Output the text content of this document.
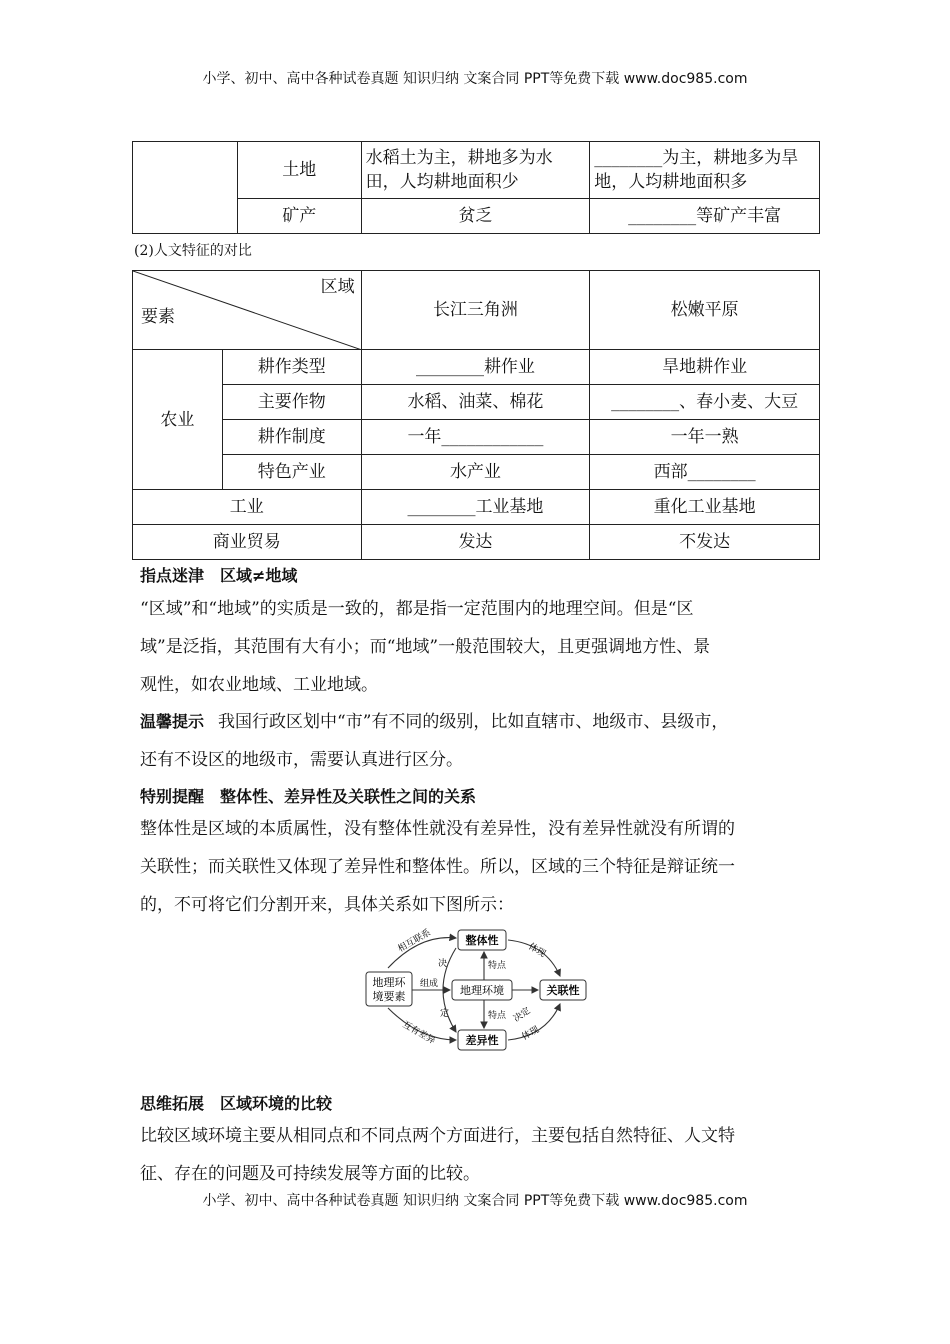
小学、初中、高中各种试卷真题 知识归纳 文案合同 PPT等免费下载 www.doc985.com
	土地	水稻土为主，耕地多为水田，人均耕地面积少	________为主，耕地多为旱地，人均耕地面积多
	矿产	贫乏	________等矿产丰富
(2)人文特征的对比
区域
要素		长江三角洲	松嫩平原
农业	耕作类型	________耕作业	旱地耕作业
	主要作物	水稻、油菜、棉花	________、春小麦、大豆
	耕作制度	一年____________	一年一熟
	特色产业	水产业	西部________
工业		________工业基地	重化工业基地
商业贸易		发达	不发达
指点迷津 区域≠地域
“区域”和“地域”的实质是一致的，都是指一定范围内的地理空间。但是“区
域”是泛指，其范围有大有小；而“地域”一般范围较大，且更强调地方性、景
观性，如农业地域、工业地域。
温馨提示 我国行政区划中“市”有不同的级别，比如直辖市、地级市、县级市，
还有不设区的地级市，需要认真进行区分。
特别提醒 整体性、差异性及关联性之间的关系
整体性是区域的本质属性，没有整体性就没有差异性，没有差异性就没有所谓的
关联性；而关联性又体现了差异性和整体性。所以，区域的三个特征是辩证统一
的，不可将它们分割开来，具体关系如下图所示：
地理环
境要素
整体性
地理环境
差异性
关联性
相互联系
互有差异
决
定
组成
特点
特点
体现
体现
决定
思维拓展 区域环境的比较
比较区域环境主要从相同点和不同点两个方面进行，主要包括自然特征、人文特
征、存在的问题及可持续发展等方面的比较。
小学、初中、高中各种试卷真题 知识归纳 文案合同 PPT等免费下载 www.doc985.com
